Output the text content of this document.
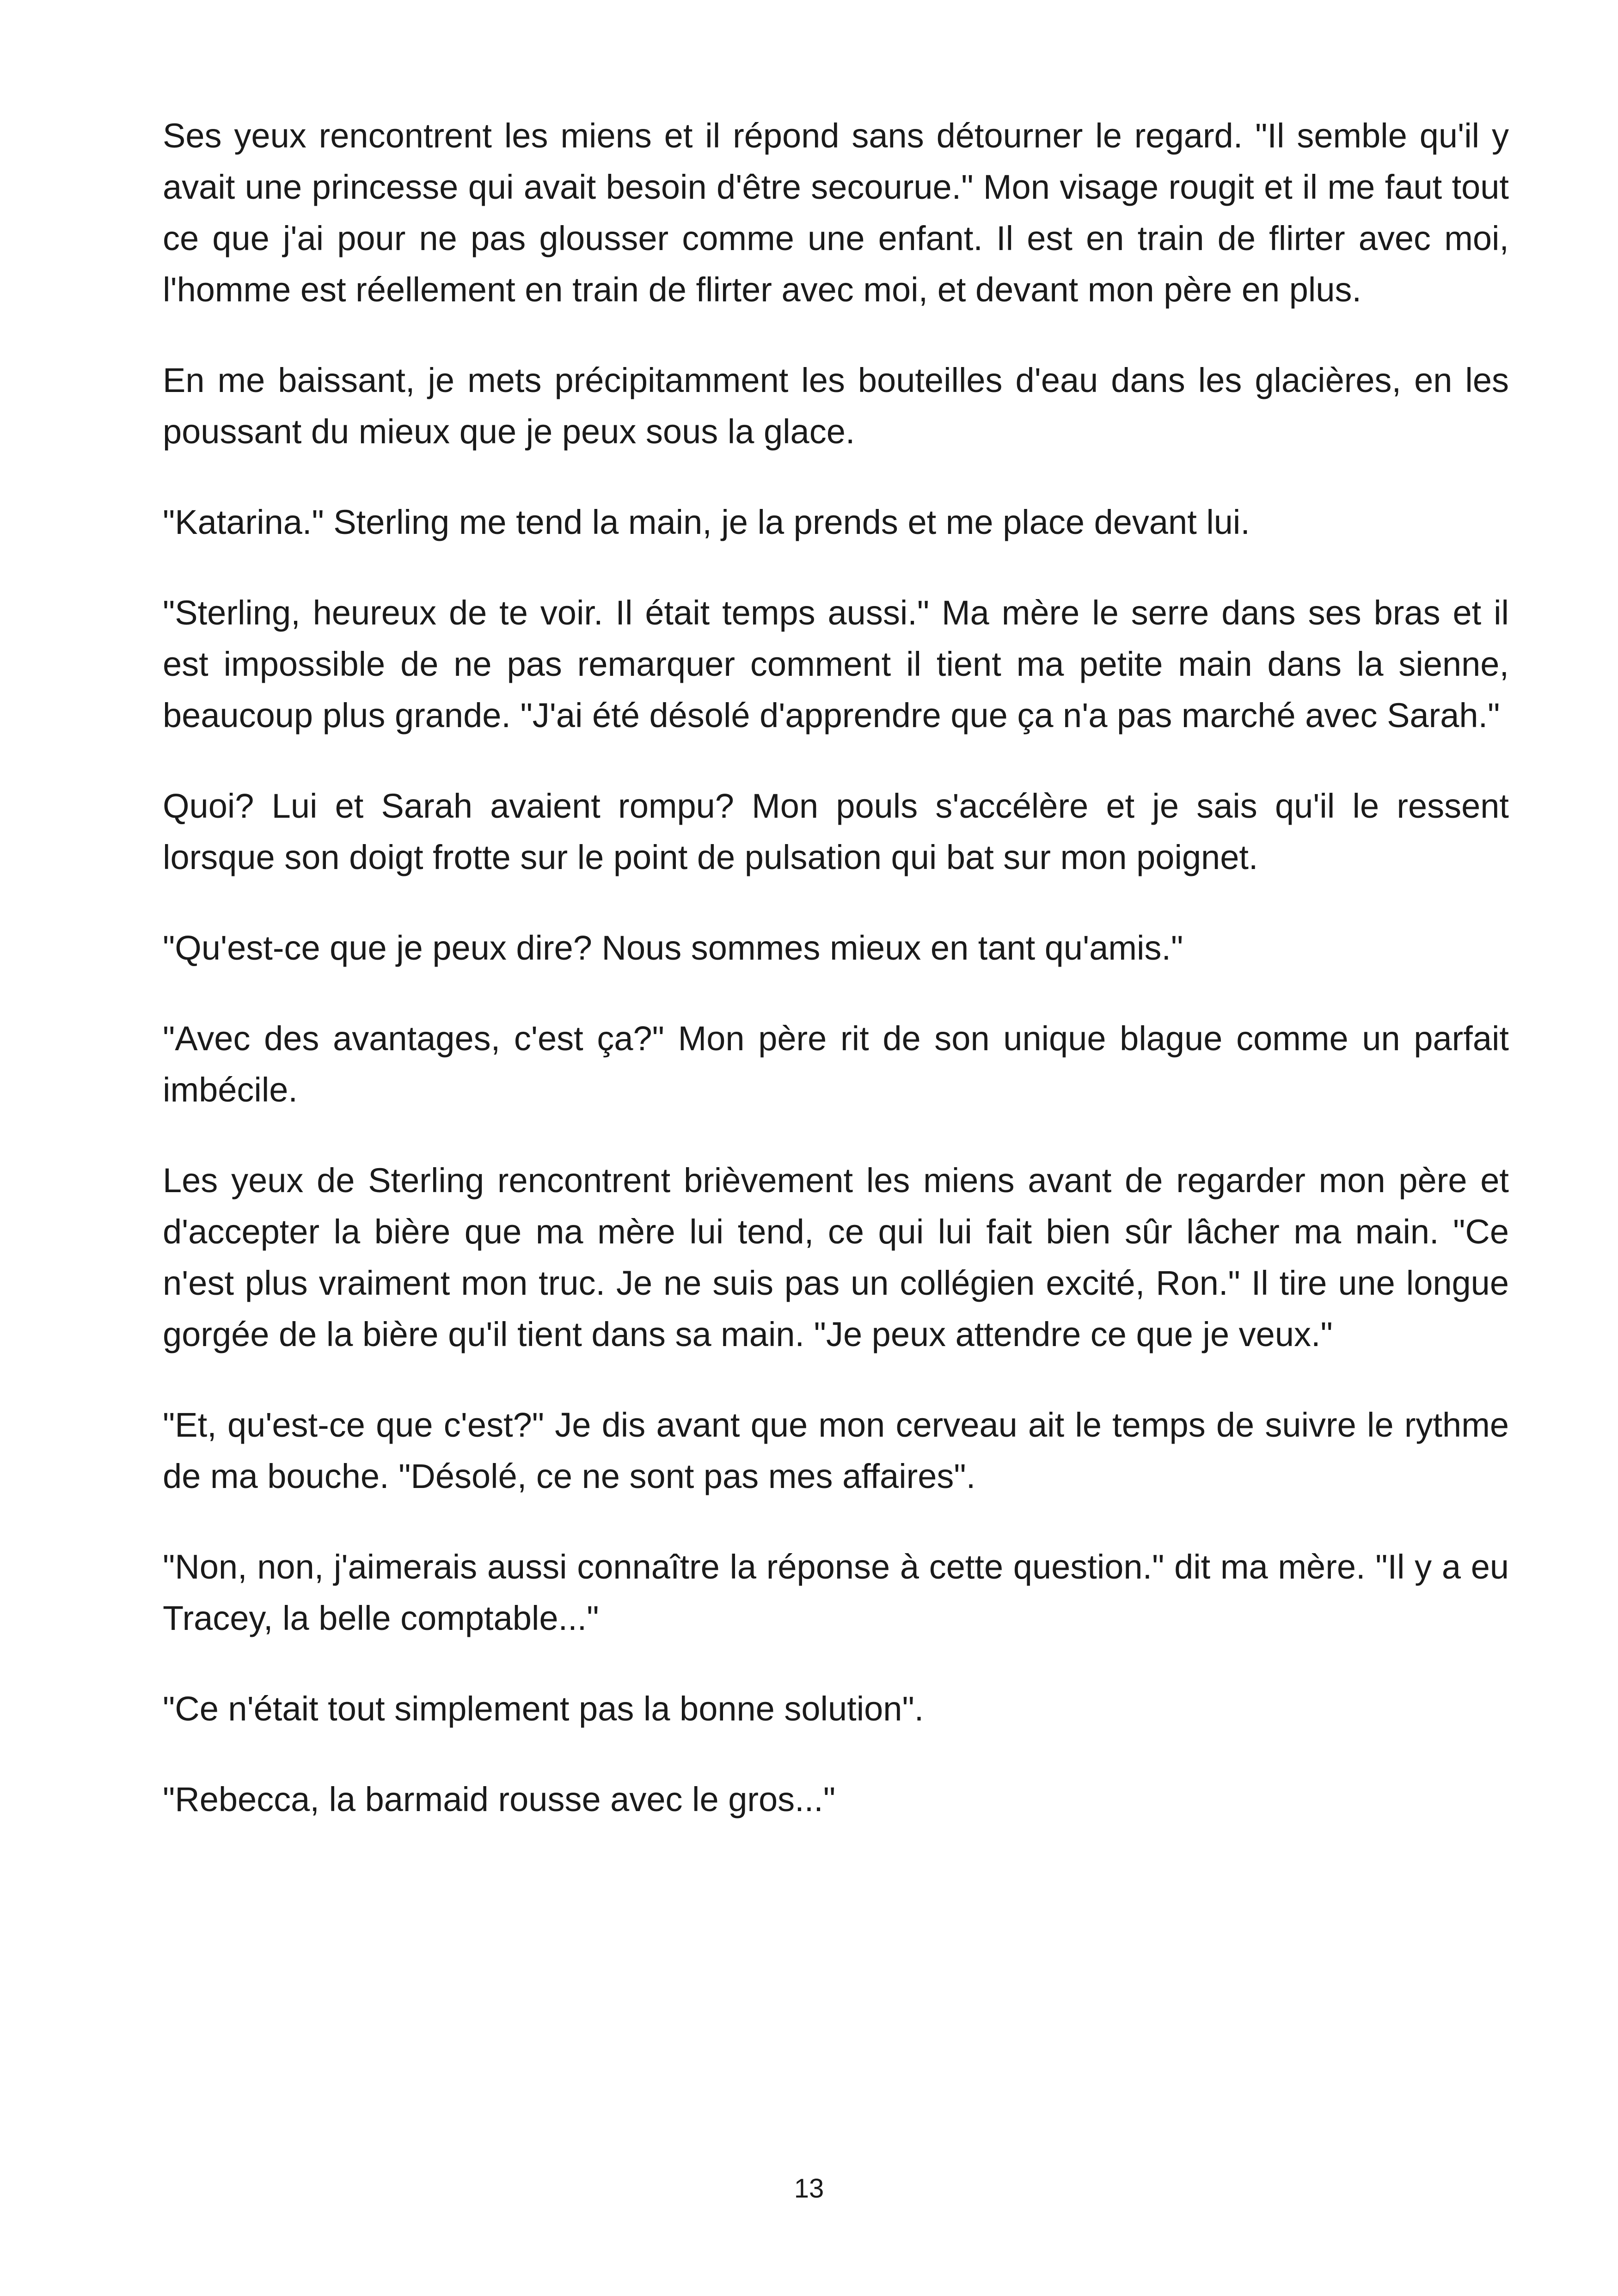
Ses yeux rencontrent les miens et il répond sans détourner le regard. "Il semble qu'il y avait une princesse qui avait besoin d'être secourue." Mon visage rougit et il me faut tout ce que j'ai pour ne pas glousser comme une enfant. Il est en train de flirter avec moi, l'homme est réellement en train de flirter avec moi, et devant mon père en plus.

En me baissant, je mets précipitamment les bouteilles d'eau dans les glacières, en les poussant du mieux que je peux sous la glace.

"Katarina." Sterling me tend la main, je la prends et me place devant lui.

"Sterling, heureux de te voir. Il était temps aussi." Ma mère le serre dans ses bras et il est impossible de ne pas remarquer comment il tient ma petite main dans la sienne, beaucoup plus grande. "J'ai été désolé d'apprendre que ça n'a pas marché avec Sarah."

Quoi? Lui et Sarah avaient rompu? Mon pouls s'accélère et je sais qu'il le ressent lorsque son doigt frotte sur le point de pulsation qui bat sur mon poignet.

"Qu'est-ce que je peux dire? Nous sommes mieux en tant qu'amis."

"Avec des avantages, c'est ça?" Mon père rit de son unique blague comme un parfait imbécile.

Les yeux de Sterling rencontrent brièvement les miens avant de regarder mon père et d'accepter la bière que ma mère lui tend, ce qui lui fait bien sûr lâcher ma main. "Ce n'est plus vraiment mon truc. Je ne suis pas un collégien excité, Ron." Il tire une longue gorgée de la bière qu'il tient dans sa main. "Je peux attendre ce que je veux."

"Et, qu'est-ce que c'est?" Je dis avant que mon cerveau ait le temps de suivre le rythme de ma bouche. "Désolé, ce ne sont pas mes affaires".

"Non, non, j'aimerais aussi connaître la réponse à cette question." dit ma mère. "Il y a eu Tracey, la belle comptable..."

"Ce n'était tout simplement pas la bonne solution".

"Rebecca, la barmaid rousse avec le gros..."

13
